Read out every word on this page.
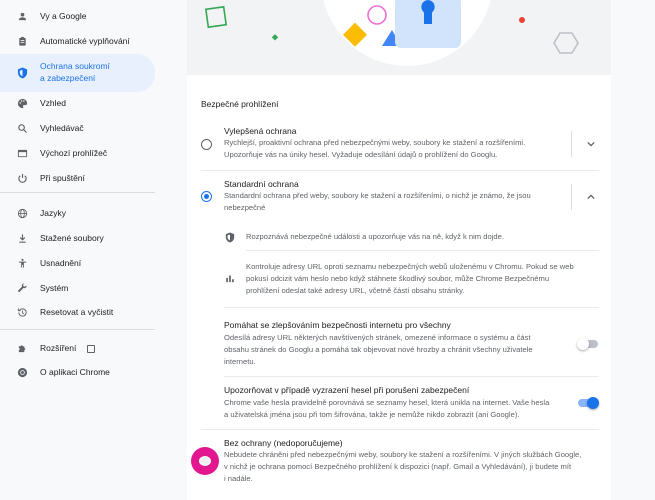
Vy a Google
Automatické vyplňování
Ochrana soukromí
a zabezpečení
Vzhled
Vyhledávač
Výchozí prohlížeč
Při spuštění
Jazyky
Stažené soubory
Usnadnění
Systém
Resetovat a vyčistit
Rozšíření
O aplikaci Chrome
Bezpečné prohlížení
Vylepšená ochrana
Rychlejší, proaktivní ochrana před nebezpečnými weby, soubory ke stažení a rozšířeními.
Upozorňuje vás na úniky hesel. Vyžaduje odesílání údajů o prohlížení do Googlu.
Standardní ochrana
Standardní ochrana před weby, soubory ke stažení a rozšířeními, o nichž je známo, že jsou
nebezpečné
Rozpoznává nebezpečné události a upozorňuje vás na ně, když k nim dojde.
Kontroluje adresy URL oproti seznamu nebezpečných webů uloženému v Chromu. Pokud se web
pokusí odcizit vám heslo nebo když stáhnete škodlivý soubor, může Chrome Bezpečnému
prohlížení odeslat také adresy URL, včetně částí obsahu stránky.
Pomáhat se zlepšováním bezpečnosti internetu pro všechny
Odesílá adresy URL některých navštívených stránek, omezené informace o systému a část
obsahu stránek do Googlu a pomáhá tak objevovat nové hrozby a chránit všechny uživatele
internetu.
Upozorňovat v případě vyzrazení hesel při porušení zabezpečení
Chrome vaše hesla pravidelně porovnává se seznamy hesel, která unikla na internet. Vaše hesla
a uživatelská jména jsou při tom šifrována, takže je nemůže nikdo zobrazit (ani Google).
Bez ochrany (nedoporučujeme)
Nebudete chráněni před nebezpečnými weby, soubory ke stažení a rozšířeními. V jiných službách Google,
v nichž je ochrana pomocí Bezpečného prohlížení k dispozici (např. Gmail a Vyhledávání), ji budete mít
i nadále.
